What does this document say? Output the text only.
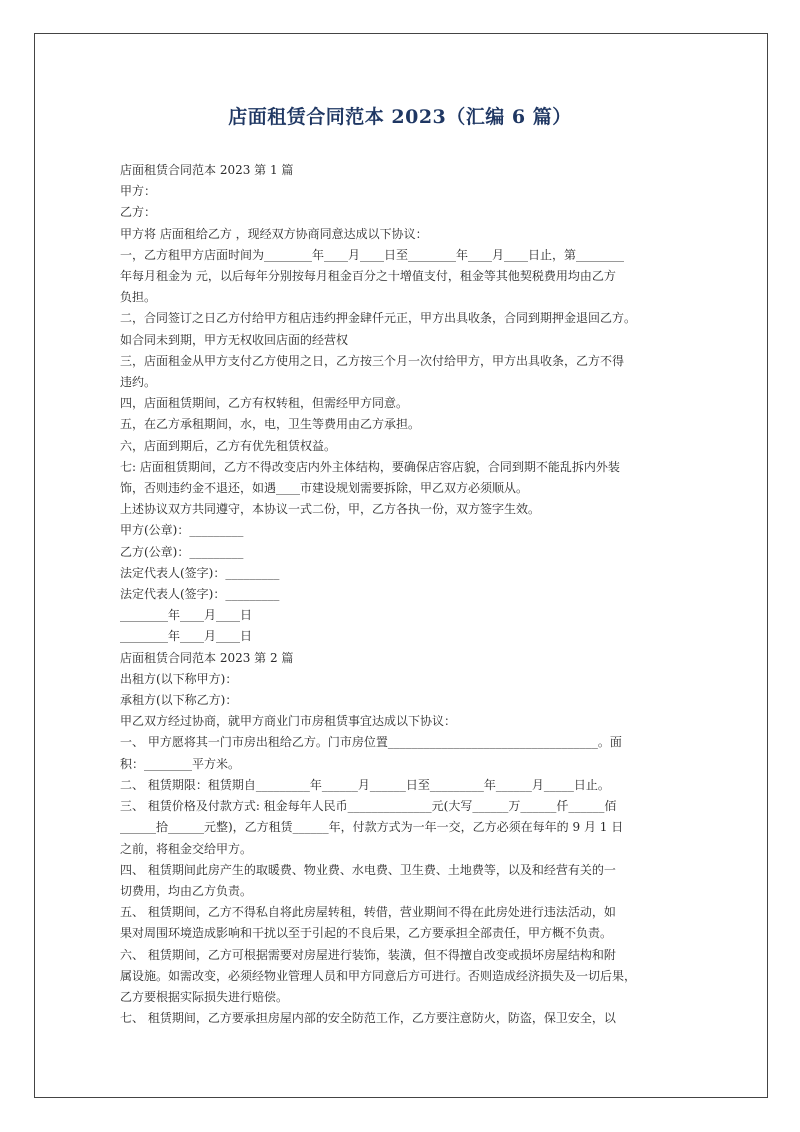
店面租赁合同范本 2023（汇编 6 篇）
店面租赁合同范本 2023 第 1 篇
甲方：
乙方：
甲方将 店面租给乙方 ，现经双方协商同意达成以下协议：
一，乙方租甲方店面时间为________年____月____日至________年____月____日止，第________
年每月租金为 元，以后每年分别按每月租金百分之十增值支付，租金等其他契税费用均由乙方
负担。
二，合同签订之日乙方付给甲方租店违约押金肆仟元正，甲方出具收条，合同到期押金退回乙方。
如合同未到期，甲方无权收回店面的经营权
三，店面租金从甲方支付乙方使用之日，乙方按三个月一次付给甲方，甲方出具收条，乙方不得
违约。
四，店面租赁期间，乙方有权转租，但需经甲方同意。
五，在乙方承租期间，水，电，卫生等费用由乙方承担。
六，店面到期后，乙方有优先租赁权益。
七: 店面租赁期间，乙方不得改变店内外主体结构，要确保店容店貌，合同到期不能乱拆内外装
饰，否则违约金不退还，如遇____市建设规划需要拆除，甲乙双方必须顺从。
上述协议双方共同遵守，本协议一式二份，甲，乙方各执一份，双方签字生效。
甲方(公章)：_________
乙方(公章)：_________
法定代表人(签字)：_________
法定代表人(签字)：_________
________年____月____日
________年____月____日
店面租赁合同范本 2023 第 2 篇
出租方(以下称甲方)：
承租方(以下称乙方)：
甲乙双方经过协商，就甲方商业门市房租赁事宜达成以下协议：
一、 甲方愿将其一门市房出租给乙方。门市房位置___________________________________。面
积：________平方米。
二、 租赁期限：租赁期自_________年______月______日至_________年______月_____日止。
三、 租赁价格及付款方式: 租金每年人民币______________元(大写______万______仟______佰
______拾______元整)，乙方租赁______年，付款方式为一年一交，乙方必须在每年的 9 月 1 日
之前，将租金交给甲方。
四、 租赁期间此房产生的取暖费、物业费、水电费、卫生费、土地费等，以及和经营有关的一
切费用，均由乙方负责。
五、 租赁期间，乙方不得私自将此房屋转租，转借，营业期间不得在此房处进行违法活动，如
果对周围环境造成影响和干扰以至于引起的不良后果，乙方要承担全部责任，甲方概不负责。
六、 租赁期间，乙方可根据需要对房屋进行装饰，装潢，但不得擅自改变或损坏房屋结构和附
属设施。如需改变，必须经物业管理人员和甲方同意后方可进行。否则造成经济损失及一切后果，
乙方要根据实际损失进行赔偿。
七、 租赁期间，乙方要承担房屋内部的安全防范工作，乙方要注意防火，防盗，保卫安全，以
